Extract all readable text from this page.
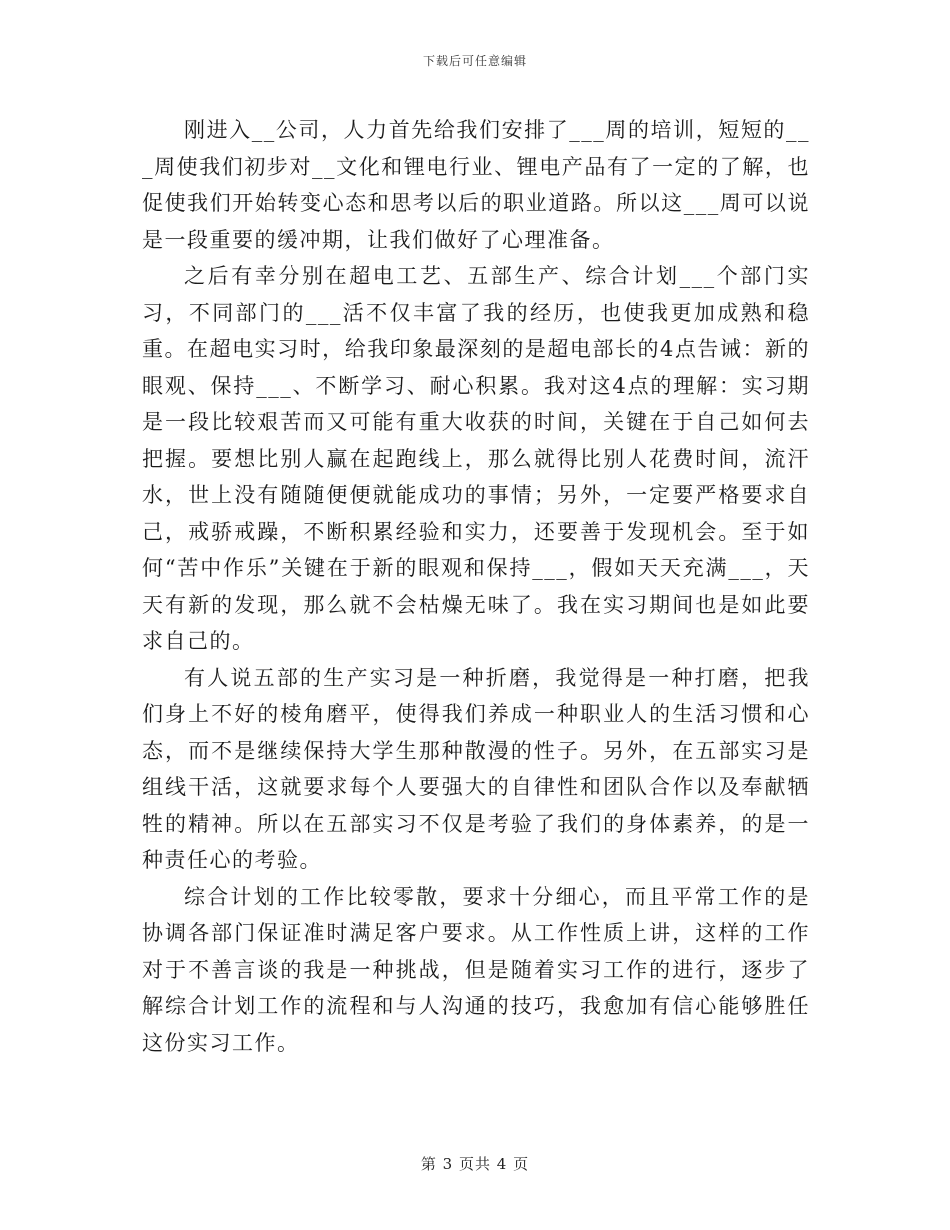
下载后可任意编辑

刚进入__公司，人力首先给我们安排了___周的培训，短短的___周使我们初步对__文化和锂电行业、锂电产品有了一定的了解，也促使我们开始转变心态和思考以后的职业道路。所以这___周可以说是一段重要的缓冲期，让我们做好了心理准备。

之后有幸分别在超电工艺、五部生产、综合计划___个部门实习，不同部门的___活不仅丰富了我的经历，也使我更加成熟和稳重。在超电实习时，给我印象最深刻的是超电部长的4点告诫：新的眼观、保持___、不断学习、耐心积累。我对这4点的理解：实习期是一段比较艰苦而又可能有重大收获的时间，关键在于自己如何去把握。要想比别人赢在起跑线上，那么就得比别人花费时间，流汗水，世上没有随随便便就能成功的事情；另外，一定要严格要求自己，戒骄戒躁，不断积累经验和实力，还要善于发现机会。至于如何“苦中作乐”关键在于新的眼观和保持___，假如天天充满___，天天有新的发现，那么就不会枯燥无味了。我在实习期间也是如此要求自己的。

有人说五部的生产实习是一种折磨，我觉得是一种打磨，把我们身上不好的棱角磨平，使得我们养成一种职业人的生活习惯和心态，而不是继续保持大学生那种散漫的性子。另外，在五部实习是组线干活，这就要求每个人要强大的自律性和团队合作以及奉献牺牲的精神。所以在五部实习不仅是考验了我们的身体素养，的是一种责任心的考验。

综合计划的工作比较零散，要求十分细心，而且平常工作的是协调各部门保证准时满足客户要求。从工作性质上讲，这样的工作对于不善言谈的我是一种挑战，但是随着实习工作的进行，逐步了解综合计划工作的流程和与人沟通的技巧，我愈加有信心能够胜任这份实习工作。

第 3 页共 4 页
